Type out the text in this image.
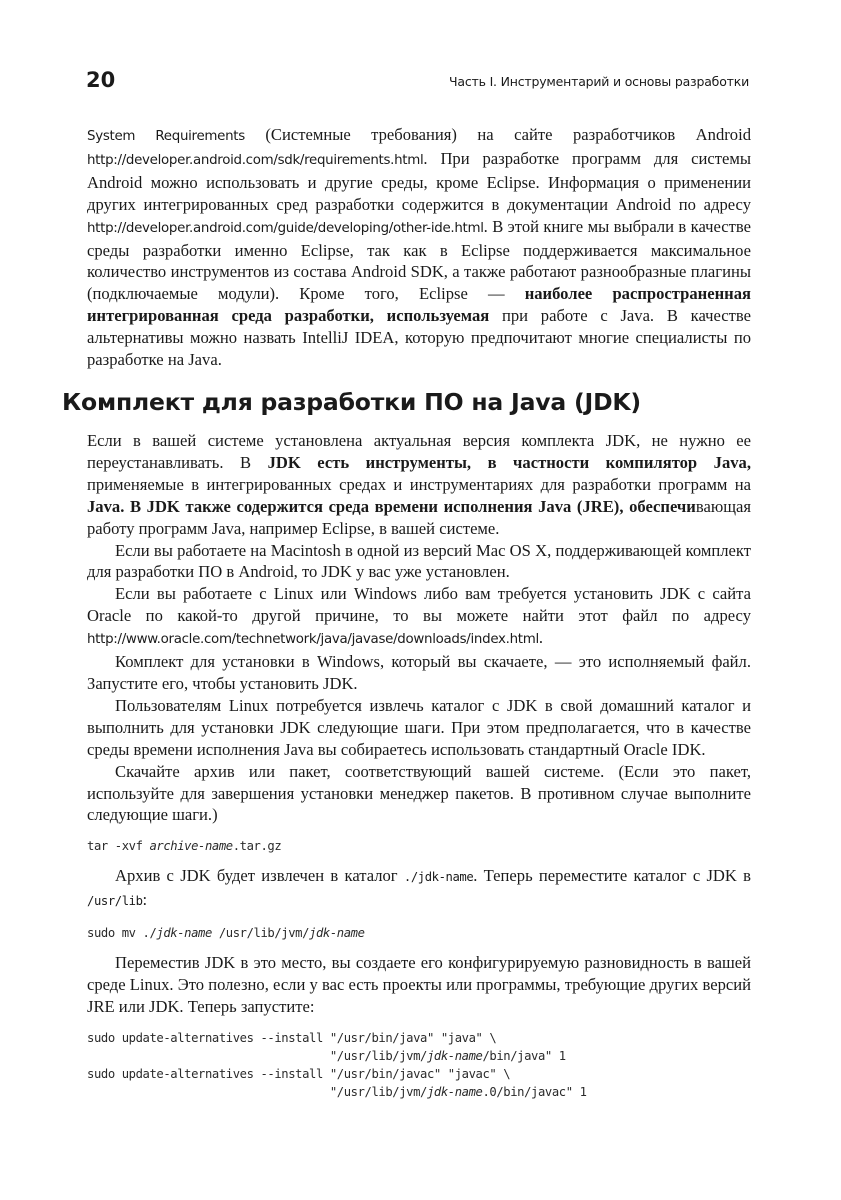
20	Часть I. Инструментарий и основы разработки

System Requirements (Системные требования) на сайте разработчиков Android http://developer.android.com/sdk/requirements.html. При разработке программ для системы Android можно использовать и другие среды, кроме Eclipse. Информация о применении других интегрированных сред разработки содержится в документации Android по адресу http://developer.android.com/guide/developing/other-ide.html. В этой книге мы выбрали в качестве среды разработки именно Eclipse, так как в Eclipse поддерживается максимальное количество инструментов из состава Android SDK, а также работают разнообразные плагины (подключаемые модули). Кроме того, Eclipse — наиболее распространенная интегрированная среда разработки, используемая при работе с Java. В качестве альтернативы можно назвать IntelliJ IDEA, которую предпочитают многие специалисты по разработке на Java.

Комплект для разработки ПО на Java (JDK)

Если в вашей системе установлена актуальная версия комплекта JDK, не нужно ее переустанавливать. В JDK есть инструменты, в частности компилятор Java, применяемые в интегрированных средах и инструментариях для разработки программ на Java. В JDK также содержится среда времени исполнения Java (JRE), обеспечивающая работу программ Java, например Eclipse, в вашей системе.

Если вы работаете на Macintosh в одной из версий Mac OS X, поддерживающей комплект для разработки ПО в Android, то JDK у вас уже установлен.

Если вы работаете с Linux или Windows либо вам требуется установить JDK с сайта Oracle по какой-то другой причине, то вы можете найти этот файл по адресу http://www.oracle.com/technetwork/java/javase/downloads/index.html.

Комплект для установки в Windows, который вы скачаете, — это исполняемый файл. Запустите его, чтобы установить JDK.

Пользователям Linux потребуется извлечь каталог с JDK в свой домашний каталог и выполнить для установки JDK следующие шаги. При этом предполагается, что в качестве среды времени исполнения Java вы собираетесь использовать стандартный Oracle IDK.

Скачайте архив или пакет, соответствующий вашей системе. (Если это пакет, используйте для завершения установки менеджер пакетов. В противном случае выполните следующие шаги.)

tar -xvf archive-name.tar.gz

Архив с JDK будет извлечен в каталог ./jdk-name. Теперь переместите каталог с JDK в /usr/lib:

sudo mv ./jdk-name /usr/lib/jvm/jdk-name

Переместив JDK в это место, вы создаете его конфигурируемую разновидность в вашей среде Linux. Это полезно, если у вас есть проекты или программы, требующие других версий JRE или JDK. Теперь запустите:

sudo update-alternatives --install "/usr/bin/java" "java" \
"/usr/lib/jvm/jdk-name/bin/java" 1
sudo update-alternatives --install "/usr/bin/javac" "javac" \
"/usr/lib/jvm/jdk-name.0/bin/javac" 1
